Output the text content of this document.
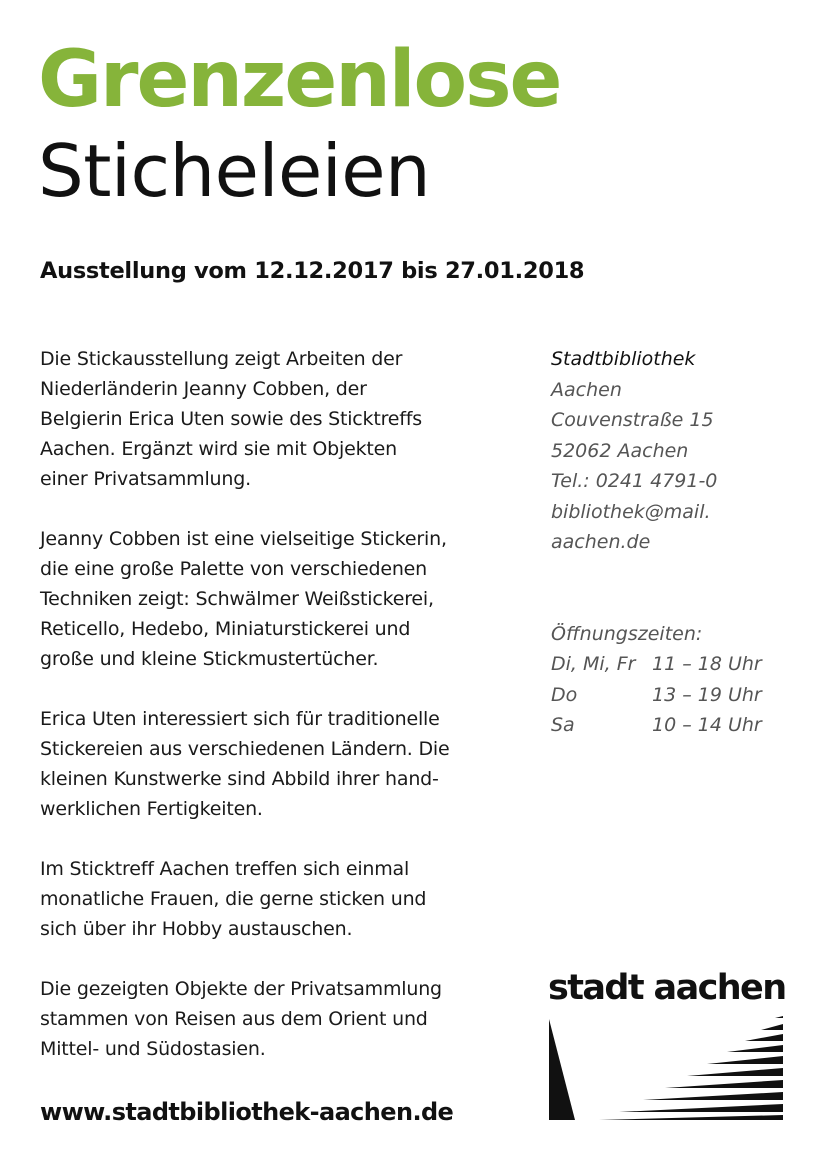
Grenzenlose
Sticheleien
Ausstellung vom 12.12.2017 bis 27.01.2018

Die Stickausstellung zeigt Arbeiten der
Niederländerin Jeanny Cobben, der
Belgierin Erica Uten sowie des Sticktreffs
Aachen. Ergänzt wird sie mit Objekten
einer Privatsammlung.

Jeanny Cobben ist eine vielseitige Stickerin,
die eine große Palette von verschiedenen
Techniken zeigt: Schwälmer Weißstickerei,
Reticello, Hedebo, Miniaturstickerei und
große und kleine Stickmustertücher.

Erica Uten interessiert sich für traditionelle
Stickereien aus verschiedenen Ländern. Die
kleinen Kunstwerke sind Abbild ihrer hand-
werklichen Fertigkeiten.

Im Sticktreff Aachen treffen sich einmal
monatliche Frauen, die gerne sticken und
sich über ihr Hobby austauschen.

Die gezeigten Objekte der Privatsammlung
stammen von Reisen aus dem Orient und
Mittel- und Südostasien.

Stadtbibliothek
Aachen
Couvenstraße 15
52062 Aachen
Tel.: 0241 4791-0
bibliothek@mail.
aachen.de
Öffnungszeiten:
Di, Mi, Fr 11 – 18 Uhr
Do	13 – 19 Uhr
Sa	10 – 14 Uhr
www.stadtbibliothek-aachen.de
stadt aachen
